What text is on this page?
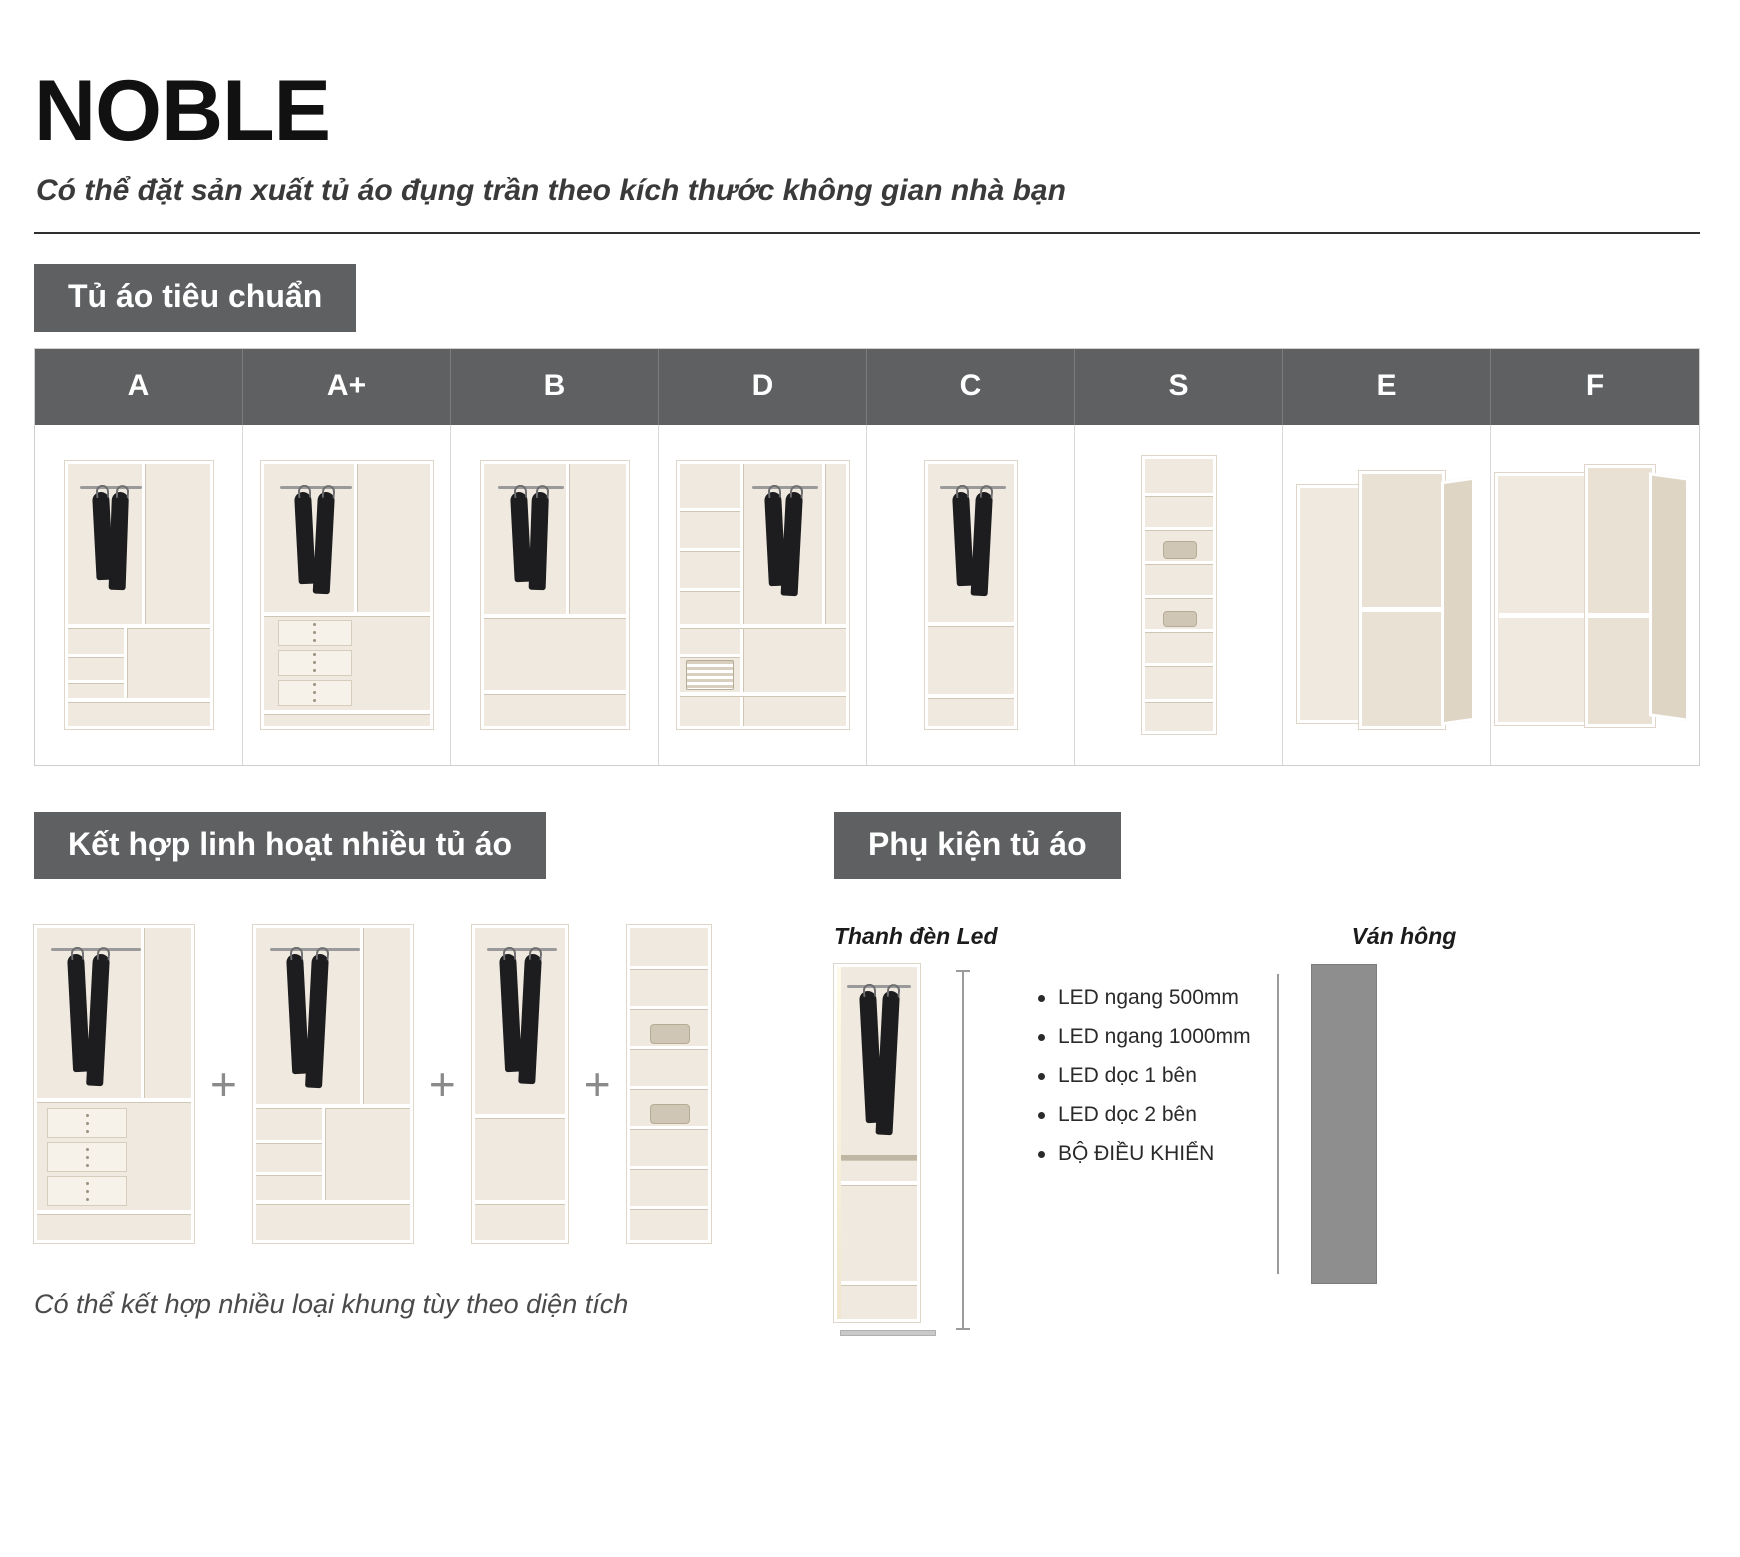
NOBLE
Có thể đặt sản xuất tủ áo đụng trần theo kích thước không gian nhà bạn
Tủ áo tiêu chuẩn
A	A+	B	D	C	S	E	F
Kết hợp linh hoạt nhiều tủ áo
+	+	+
Có thể kết hợp nhiều loại khung tùy theo diện tích
Phụ kiện tủ áo
Thanh đèn Led	Ván hông
LED ngang 500mm
LED ngang 1000mm
LED dọc 1 bên
LED dọc 2 bên
BỘ ĐIỀU KHIỂN
